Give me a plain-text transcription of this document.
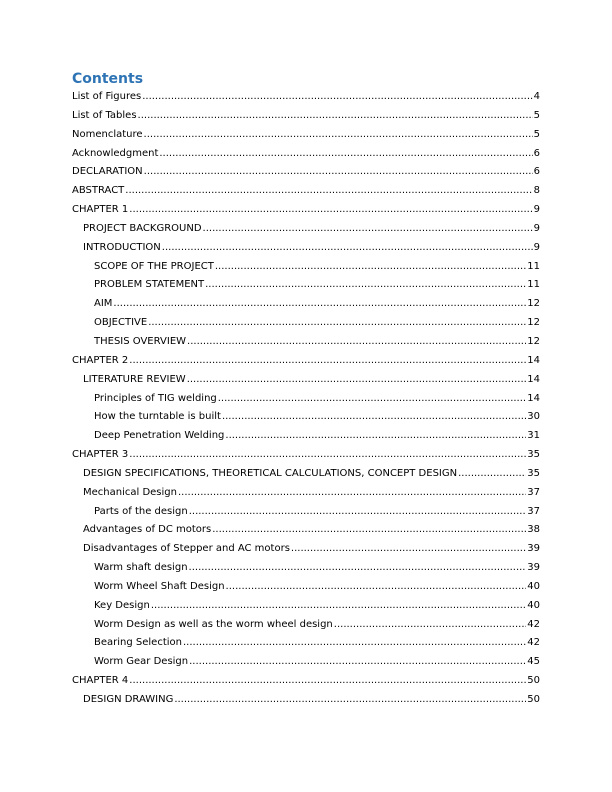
Contents
List of Figures .....	4
List of Tables .....	5
Nomenclature .....	5
Acknowledgment .....	6
DECLARATION .....	6
ABSTRACT .....	8
CHAPTER 1 .....	9
PROJECT BACKGROUND .....	9
INTRODUCTION .....	9
SCOPE OF THE PROJECT .....	11
PROBLEM STATEMENT .....	11
AIM .....	12
OBJECTIVE .....	12
THESIS OVERVIEW .....	12
CHAPTER 2 .....	14
LITERATURE REVIEW .....	14
Principles of TIG welding .....	14
How the turntable is built .....	30
Deep Penetration Welding .....	31
CHAPTER 3 .....	35
DESIGN SPECIFICATIONS, THEORETICAL CALCULATIONS, CONCEPT DESIGN .....	35
Mechanical Design .....	37
Parts of the design .....	37
Advantages of DC motors .....	38
Disadvantages of Stepper and AC motors .....	39
Warm shaft design .....	39
Worm Wheel Shaft Design .....	40
Key Design .....	40
Worm Design as well as the worm wheel design .....	42
Bearing Selection .....	42
Worm Gear Design .....	45
CHAPTER 4 .....	50
DESIGN DRAWING .....	50
